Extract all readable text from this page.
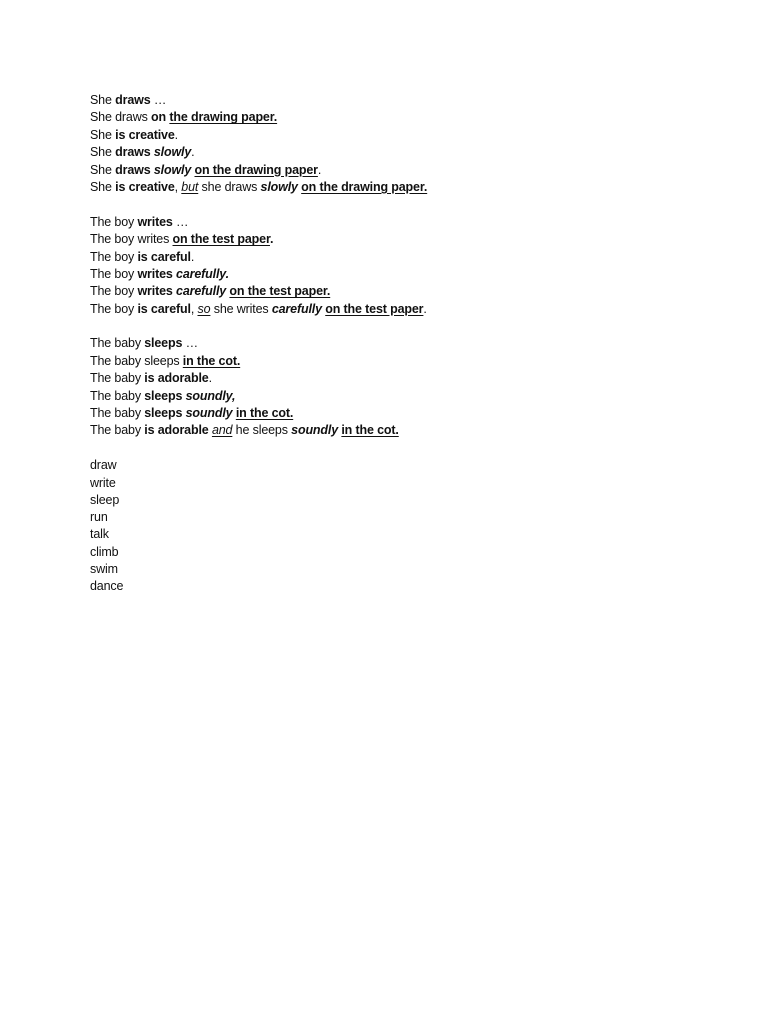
She draws …
She draws on the drawing paper.
She is creative.
She draws slowly.
She draws slowly on the drawing paper.
She is creative, but she draws slowly on the drawing paper.
The boy writes …
The boy writes on the test paper.
The boy is careful.
The boy writes carefully.
The boy writes carefully on the test paper.
The boy is careful, so she writes carefully on the test paper.
The baby sleeps …
The baby sleeps in the cot.
The baby is adorable.
The baby sleeps soundly,
The baby sleeps soundly in the cot.
The baby is adorable and he sleeps soundly in the cot.
draw
write
sleep
run
talk
climb
swim
dance
